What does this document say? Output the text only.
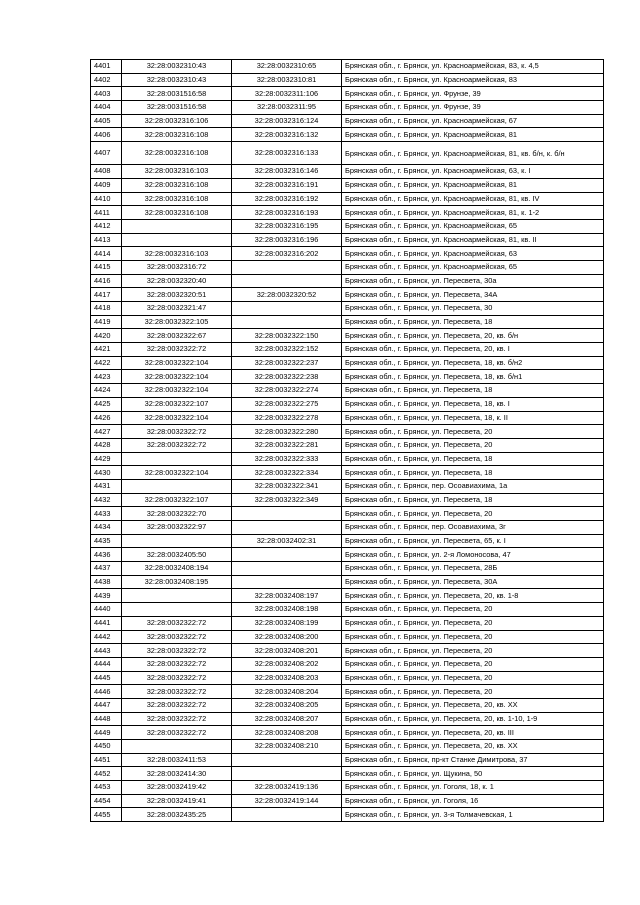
4401	32:28:0032310:43	32:28:0032310:65	Брянская обл., г. Брянск, ул. Красноармейская, 83, к. 4,5
4402	32:28:0032310:43	32:28:0032310:81	Брянская обл., г. Брянск, ул. Красноармейская, 83
4403	32:28:0031516:58	32:28:0032311:106	Брянская обл., г. Брянск, ул. Фрунзе, 39
4404	32:28:0031516:58	32:28:0032311:95	Брянская обл., г. Брянск, ул. Фрунзе, 39
4405	32:28:0032316:106	32:28:0032316:124	Брянская обл., г. Брянск, ул. Красноармейская, 67
4406	32:28:0032316:108	32:28:0032316:132	Брянская обл., г. Брянск, ул. Красноармейская, 81
4407	32:28:0032316:108	32:28:0032316:133	Брянская обл., г. Брянск, ул. Красноармейская, 81, кв. б/н, к. б/н
4408	32:28:0032316:103	32:28:0032316:146	Брянская обл., г. Брянск, ул. Красноармейская, 63, к. I
4409	32:28:0032316:108	32:28:0032316:191	Брянская обл., г. Брянск, ул. Красноармейская, 81
4410	32:28:0032316:108	32:28:0032316:192	Брянская обл., г. Брянск, ул. Красноармейская, 81, кв. IV
4411	32:28:0032316:108	32:28:0032316:193	Брянская обл., г. Брянск, ул. Красноармейская, 81, к. 1-2
4412		32:28:0032316:195	Брянская обл., г. Брянск, ул. Красноармейская, 65
4413		32:28:0032316:196	Брянская обл., г. Брянск, ул. Красноармейская, 81, кв. II
4414	32:28:0032316:103	32:28:0032316:202	Брянская обл., г. Брянск, ул. Красноармейская, 63
4415	32:28:0032316:72		Брянская обл., г. Брянск, ул. Красноармейская, 65
4416	32:28:0032320:40		Брянская обл., г. Брянск, ул. Пересвета, 30а
4417	32:28:0032320:51	32:28:0032320:52	Брянская обл., г. Брянск, ул. Пересвета, 34А
4418	32:28:0032321:47		Брянская обл., г. Брянск, ул. Пересвета, 30
4419	32:28:0032322:105		Брянская обл., г. Брянск, ул. Пересвета, 18
4420	32:28:0032322:67	32:28:0032322:150	Брянская обл., г. Брянск, ул. Пересвета, 20, кв. б/н
4421	32:28:0032322:72	32:28:0032322:152	Брянская обл., г. Брянск, ул. Пересвета, 20, кв. I
4422	32:28:0032322:104	32:28:0032322:237	Брянская обл., г. Брянск, ул. Пересвета, 18, кв. б/н2
4423	32:28:0032322:104	32:28:0032322:238	Брянская обл., г. Брянск, ул. Пересвета, 18, кв. б/н1
4424	32:28:0032322:104	32:28:0032322:274	Брянская обл., г. Брянск, ул. Пересвета, 18
4425	32:28:0032322:107	32:28:0032322:275	Брянская обл., г. Брянск, ул. Пересвета, 18, кв. I
4426	32:28:0032322:104	32:28:0032322:278	Брянская обл., г. Брянск, ул. Пересвета, 18, к. II
4427	32:28:0032322:72	32:28:0032322:280	Брянская обл., г. Брянск, ул. Пересвета, 20
4428	32:28:0032322:72	32:28:0032322:281	Брянская обл., г. Брянск, ул. Пересвета, 20
4429		32:28:0032322:333	Брянская обл., г. Брянск, ул. Пересвета, 18
4430	32:28:0032322:104	32:28:0032322:334	Брянская обл., г. Брянск, ул. Пересвета, 18
4431		32:28:0032322:341	Брянская обл., г. Брянск, пер. Осоавиахима, 1а
4432	32:28:0032322:107	32:28:0032322:349	Брянская обл., г. Брянск, ул. Пересвета, 18
4433	32:28:0032322:70		Брянская обл., г. Брянск, ул. Пересвета, 20
4434	32:28:0032322:97		Брянская обл., г. Брянск, пер. Осоавиахима, 3г
4435		32:28:0032402:31	Брянская обл., г. Брянск, ул. Пересвета, 65, к. I
4436	32:28:0032405:50		Брянская обл., г. Брянск, ул. 2-я Ломоносова, 47
4437	32:28:0032408:194		Брянская обл., г. Брянск, ул. Пересвета, 28Б
4438	32:28:0032408:195		Брянская обл., г. Брянск, ул. Пересвета, 30А
4439		32:28:0032408:197	Брянская обл., г. Брянск, ул. Пересвета, 20, кв. 1-8
4440		32:28:0032408:198	Брянская обл., г. Брянск, ул. Пересвета, 20
4441	32:28:0032322:72	32:28:0032408:199	Брянская обл., г. Брянск, ул. Пересвета, 20
4442	32:28:0032322:72	32:28:0032408:200	Брянская обл., г. Брянск, ул. Пересвета, 20
4443	32:28:0032322:72	32:28:0032408:201	Брянская обл., г. Брянск, ул. Пересвета, 20
4444	32:28:0032322:72	32:28:0032408:202	Брянская обл., г. Брянск, ул. Пересвета, 20
4445	32:28:0032322:72	32:28:0032408:203	Брянская обл., г. Брянск, ул. Пересвета, 20
4446	32:28:0032322:72	32:28:0032408:204	Брянская обл., г. Брянск, ул. Пересвета, 20
4447	32:28:0032322:72	32:28:0032408:205	Брянская обл., г. Брянск, ул. Пересвета, 20, кв. XX
4448	32:28:0032322:72	32:28:0032408:207	Брянская обл., г. Брянск, ул. Пересвета, 20, кв. 1-10, 1-9
4449	32:28:0032322:72	32:28:0032408:208	Брянская обл., г. Брянск, ул. Пересвета, 20, кв. III
4450		32:28:0032408:210	Брянская обл., г. Брянск, ул. Пересвета, 20, кв. XX
4451	32:28:0032411:53		Брянская обл., г. Брянск, пр-кт Станке Димитрова, 37
4452	32:28:0032414:30		Брянская обл., г. Брянск, ул. Щукина, 50
4453	32:28:0032419:42	32:28:0032419:136	Брянская обл., г. Брянск, ул. Гоголя, 18, к. 1
4454	32:28:0032419:41	32:28:0032419:144	Брянская обл., г. Брянск, ул. Гоголя, 16
4455	32:28:0032435:25		Брянская обл., г. Брянск, ул. 3-я Толмачевская, 1
